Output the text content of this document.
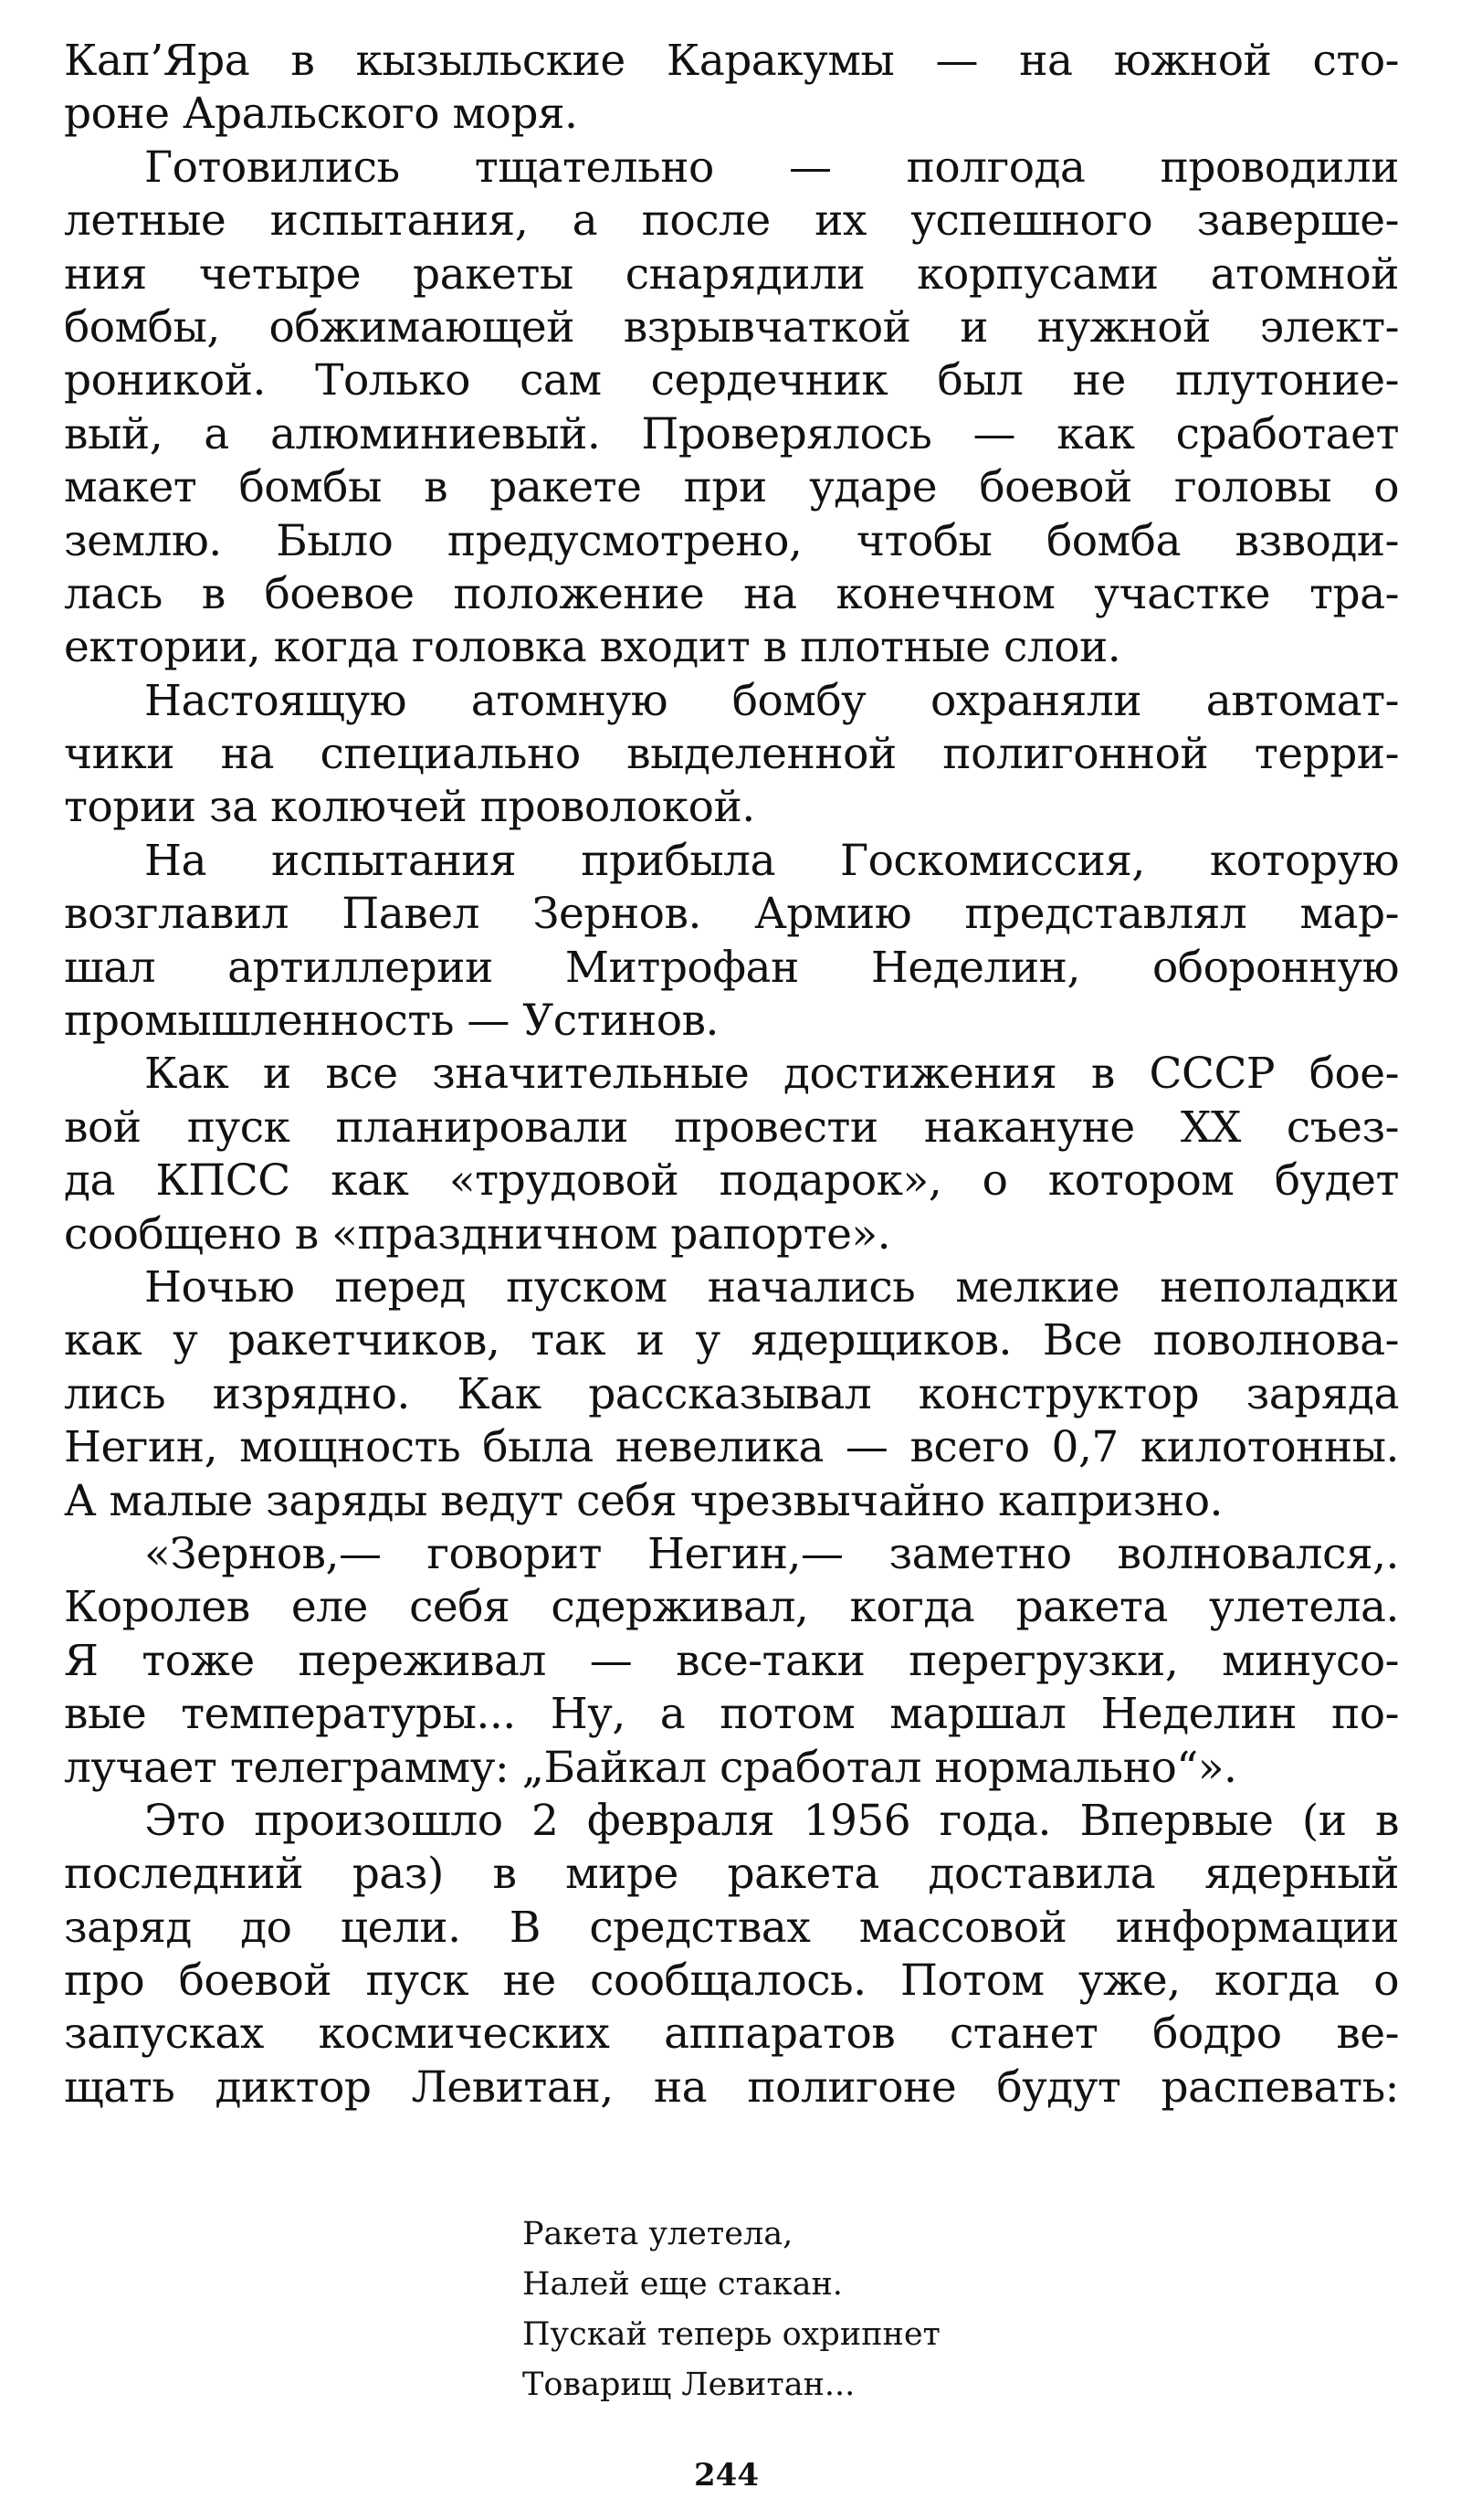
Кап’Яра в кызыльские Каракумы — на южной сто-
роне Аральского моря.
Готовились тщательно — полгода проводили
летные испытания, а после их успешного заверше-
ния четыре ракеты снарядили корпусами атомной
бомбы, обжимающей взрывчаткой и нужной элект-
роникой. Только сам сердечник был не плутоние-
вый, а алюминиевый. Проверялось — как сработает
макет бомбы в ракете при ударе боевой головы о
землю. Было предусмотрено, чтобы бомба взводи-
лась в боевое положение на конечном участке тра-
ектории, когда головка входит в плотные слои.
Настоящую атомную бомбу охраняли автомат-
чики на специально выделенной полигонной терри-
тории за колючей проволокой.
На испытания прибыла Госкомиссия, которую
возглавил Павел Зернов. Армию представлял мар-
шал артиллерии Митрофан Неделин, оборонную
промышленность — Устинов.
Как и все значительные достижения в СССР бое-
вой пуск планировали провести накануне XX съез-
да КПСС как «трудовой подарок», о котором будет
сообщено в «праздничном рапорте».
Ночью перед пуском начались мелкие неполадки
как у ракетчиков, так и у ядерщиков. Все поволнова-
лись изрядно. Как рассказывал конструктор заряда
Негин, мощность была невелика — всего 0,7 килотонны.
А малые заряды ведут себя чрезвычайно капризно.
«Зернов,— говорит Негин,— заметно волновался,.
Королев еле себя сдерживал, когда ракета улетела.
Я тоже переживал — все-таки перегрузки, минусо-
вые температуры... Ну, а потом маршал Неделин по-
лучает телеграмму: „Байкал сработал нормально“».
Это произошло 2 февраля 1956 года. Впервые (и в
последний раз) в мире ракета доставила ядерный
заряд до цели. В средствах массовой информации
про боевой пуск не сообщалось. Потом уже, когда о
запусках космических аппаратов станет бодро ве-
щать диктор Левитан, на полигоне будут распевать:
Ракета улетела,
Налей еще стакан.
Пускай теперь охрипнет
Товарищ Левитан...
244
